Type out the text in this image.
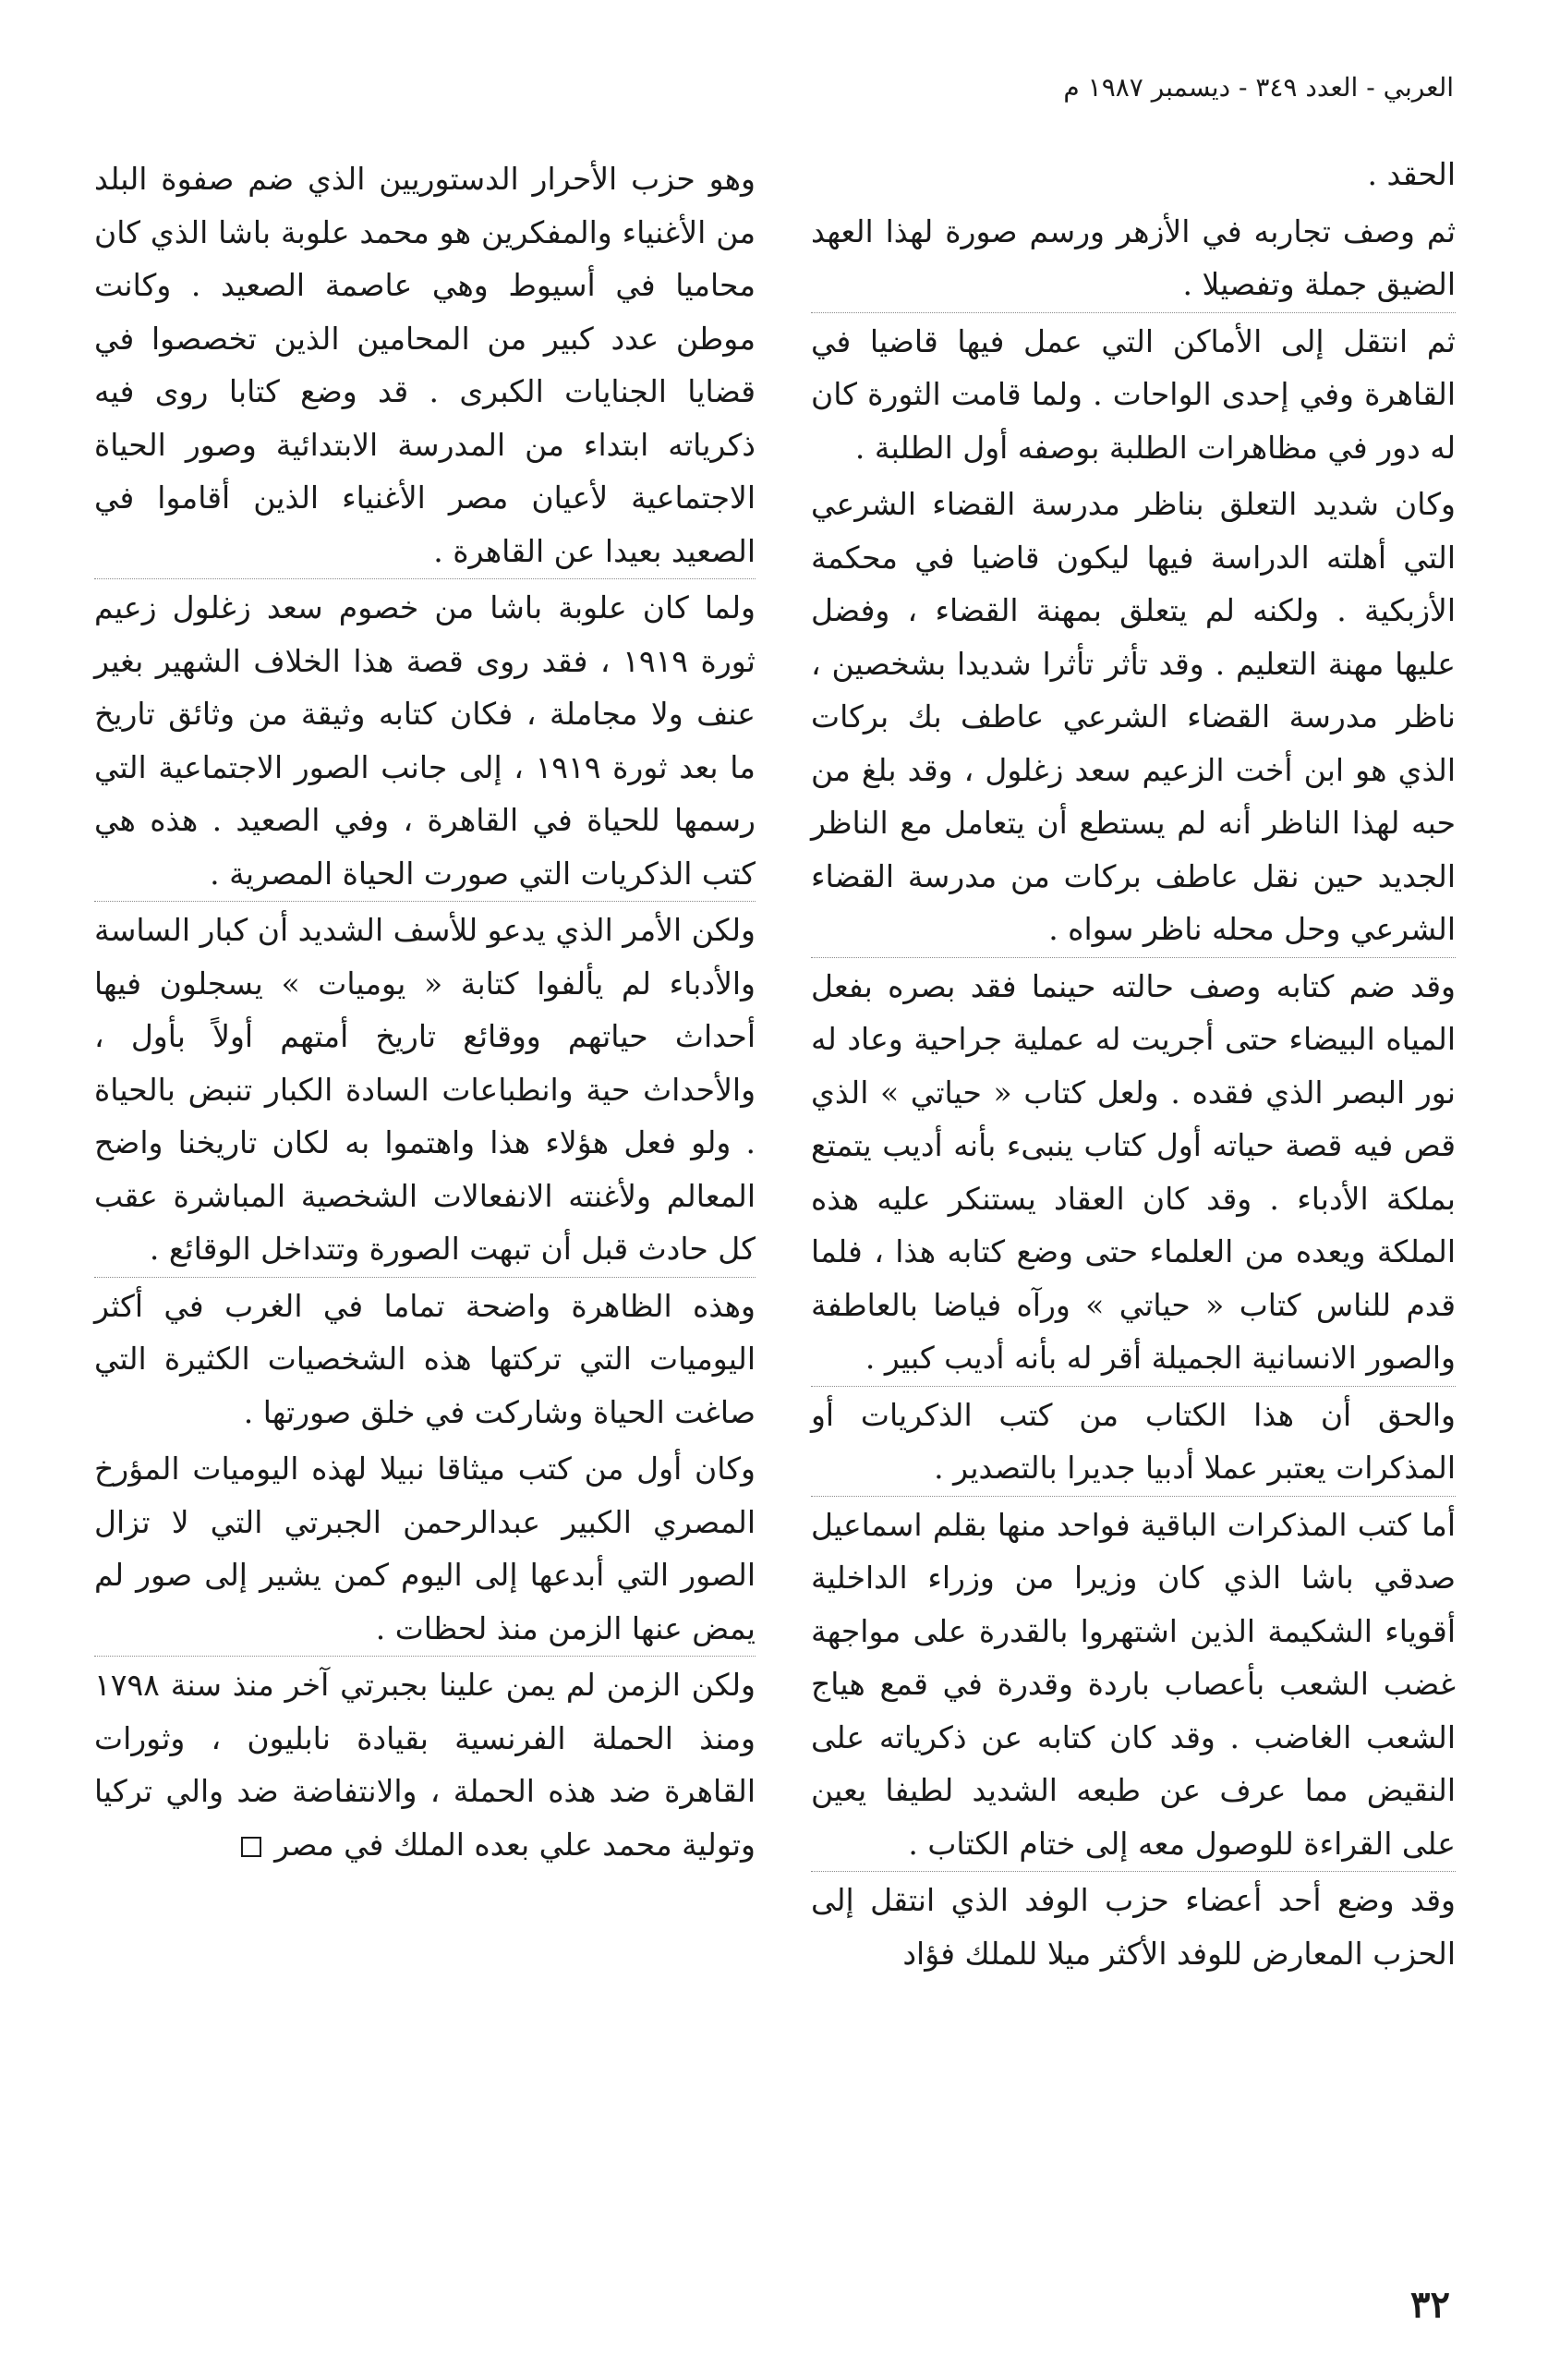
العربي - العدد ٣٤٩ - ديسمبر ١٩٨٧ م

الحقد .

ثم وصف تجاربه في الأزهر ورسم صورة لهذا العهد الضيق جملة وتفصيلا .

ثم انتقل إلى الأماكن التي عمل فيها قاضيا في القاهرة وفي إحدى الواحات . ولما قامت الثورة كان له دور في مظاهرات الطلبة بوصفه أول الطلبة .

وكان شديد التعلق بناظر مدرسة القضاء الشرعي التي أهلته الدراسة فيها ليكون قاضيا في محكمة الأزبكية . ولكنه لم يتعلق بمهنة القضاء ، وفضل عليها مهنة التعليم . وقد تأثر تأثرا شديدا بشخصين ، ناظر مدرسة القضاء الشرعي عاطف بك بركات الذي هو ابن أخت الزعيم سعد زغلول ، وقد بلغ من حبه لهذا الناظر أنه لم يستطع أن يتعامل مع الناظر الجديد حين نقل عاطف بركات من مدرسة القضاء الشرعي وحل محله ناظر سواه .

وقد ضم كتابه وصف حالته حينما فقد بصره بفعل المياه البيضاء حتى أجريت له عملية جراحية وعاد له نور البصر الذي فقده . ولعل كتاب « حياتي » الذي قص فيه قصة حياته أول كتاب ينبىء بأنه أديب يتمتع بملكة الأدباء . وقد كان العقاد يستنكر عليه هذه الملكة ويعده من العلماء حتى وضع كتابه هذا ، فلما قدم للناس كتاب « حياتي » ورآه فياضا بالعاطفة والصور الانسانية الجميلة أقر له بأنه أديب كبير .

والحق أن هذا الكتاب من كتب الذكريات أو المذكرات يعتبر عملا أدبيا جديرا بالتصدير .

أما كتب المذكرات الباقية فواحد منها بقلم اسماعيل صدقي باشا الذي كان وزيرا من وزراء الداخلية أقوياء الشكيمة الذين اشتهروا بالقدرة على مواجهة غضب الشعب بأعصاب باردة وقدرة في قمع هياج الشعب الغاضب . وقد كان كتابه عن ذكرياته على النقيض مما عرف عن طبعه الشديد لطيفا يعين على القراءة للوصول معه إلى ختام الكتاب .

وقد وضع أحد أعضاء حزب الوفد الذي انتقل إلى الحزب المعارض للوفد الأكثر ميلا للملك فؤاد

وهو حزب الأحرار الدستوريين الذي ضم صفوة البلد من الأغنياء والمفكرين هو محمد علوبة باشا الذي كان محاميا في أسيوط وهي عاصمة الصعيد . وكانت موطن عدد كبير من المحامين الذين تخصصوا في قضايا الجنايات الكبرى . قد وضع كتابا روى فيه ذكرياته ابتداء من المدرسة الابتدائية وصور الحياة الاجتماعية لأعيان مصر الأغنياء الذين أقاموا في الصعيد بعيدا عن القاهرة .

ولما كان علوبة باشا من خصوم سعد زغلول زعيم ثورة ١٩١٩ ، فقد روى قصة هذا الخلاف الشهير بغير عنف ولا مجاملة ، فكان كتابه وثيقة من وثائق تاريخ ما بعد ثورة ١٩١٩ ، إلى جانب الصور الاجتماعية التي رسمها للحياة في القاهرة ، وفي الصعيد . هذه هي كتب الذكريات التي صورت الحياة المصرية .

ولكن الأمر الذي يدعو للأسف الشديد أن كبار الساسة والأدباء لم يألفوا كتابة « يوميات » يسجلون فيها أحداث حياتهم ووقائع تاريخ أمتهم أولاً بأول ، والأحداث حية وانطباعات السادة الكبار تنبض بالحياة . ولو فعل هؤلاء هذا واهتموا به لكان تاريخنا واضح المعالم ولأغنته الانفعالات الشخصية المباشرة عقب كل حادث قبل أن تبهت الصورة وتتداخل الوقائع .

وهذه الظاهرة واضحة تماما في الغرب في أكثر اليوميات التي تركتها هذه الشخصيات الكثيرة التي صاغت الحياة وشاركت في خلق صورتها .

وكان أول من كتب ميثاقا نبيلا لهذه اليوميات المؤرخ المصري الكبير عبدالرحمن الجبرتي التي لا تزال الصور التي أبدعها إلى اليوم كمن يشير إلى صور لم يمض عنها الزمن منذ لحظات .

ولكن الزمن لم يمن علينا بجبرتي آخر منذ سنة ١٧٩٨ ومنذ الحملة الفرنسية بقيادة نابليون ، وثورات القاهرة ضد هذه الحملة ، والانتفاضة ضد والي تركيا وتولية محمد علي بعده الملك في مصر

٣٢
